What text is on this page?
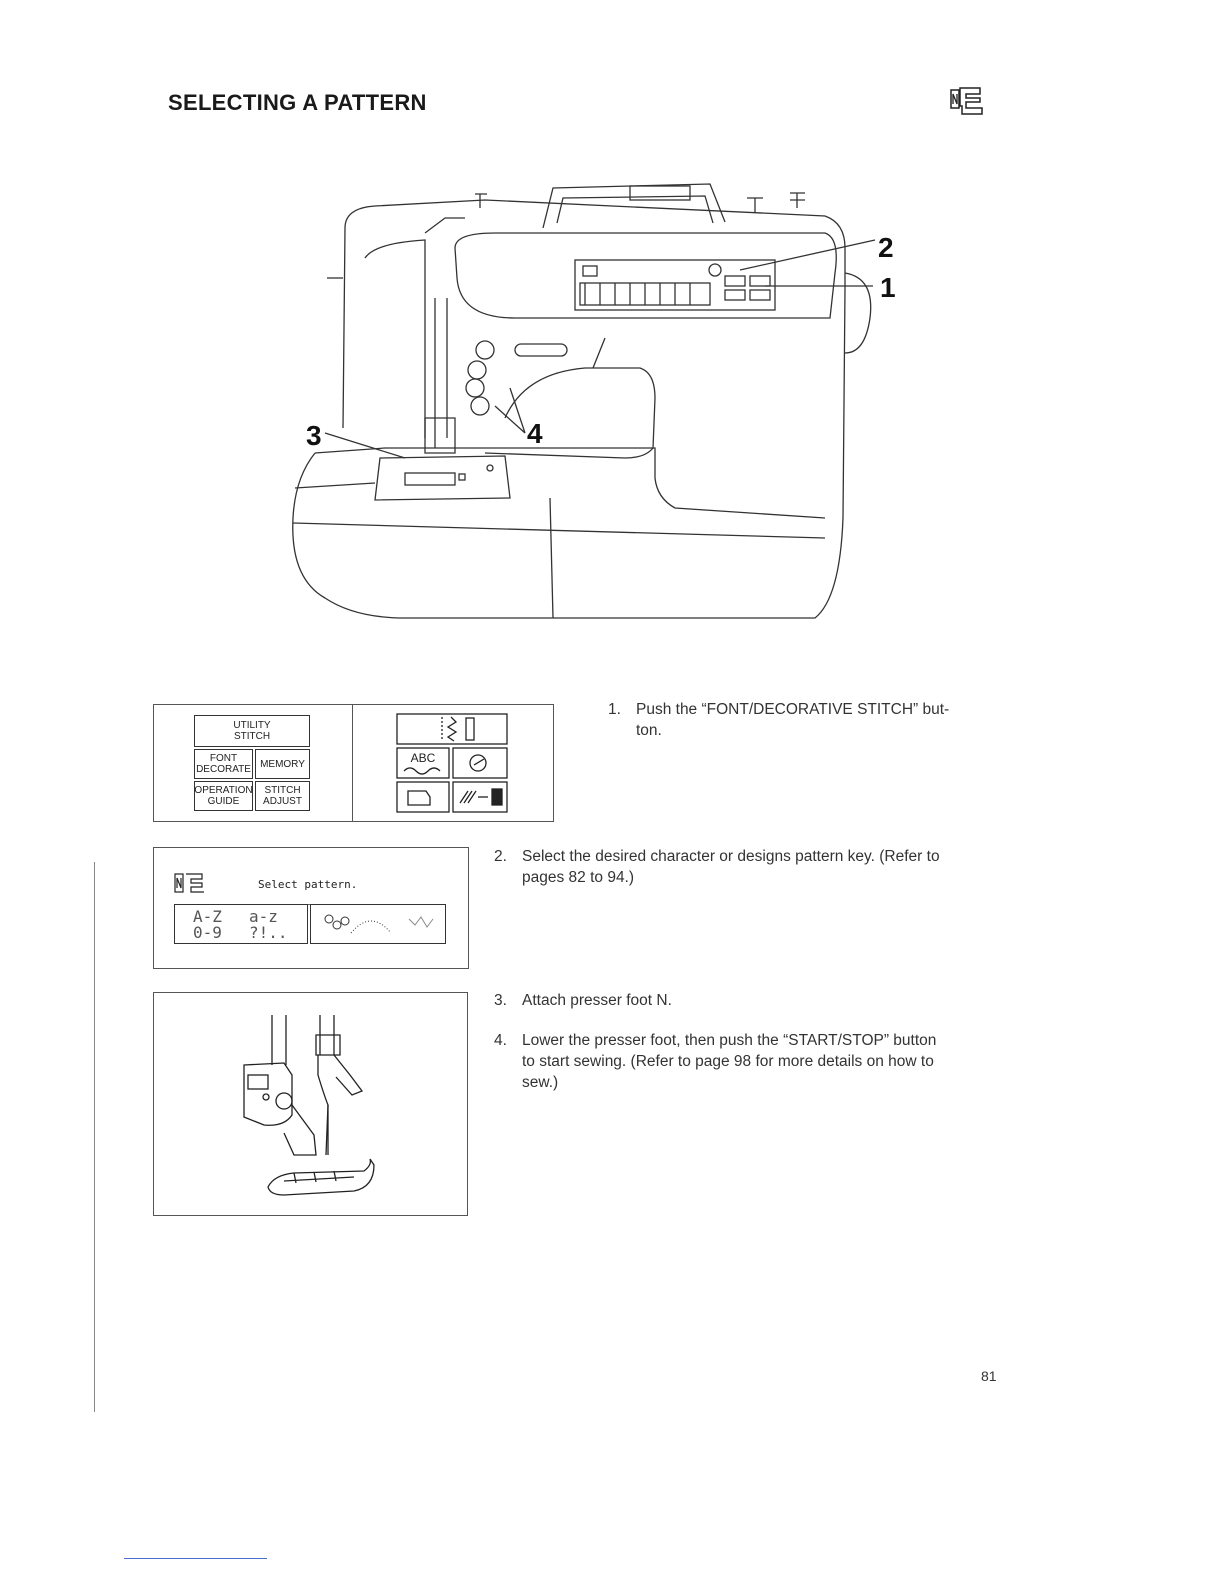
SELECTING A PATTERN
2
1
3	4
UTILITY
STITCH
FONT
DECORATE MEMORY
OPERATION
GUIDE
STITCH
ADJUST
ABC
Select pattern.
A-Z a-z
0-9 ?!..
1. Push the “FONT/DECORATIVE STITCH” but-
ton.
2. Select the desired character or designs pattern key. (Refer to
pages 82 to 94.)
3. Attach presser foot N.
4. Lower the presser foot, then push the “START/STOP” button
to start sewing. (Refer to page 98 for more details on how to
sew.)
81
